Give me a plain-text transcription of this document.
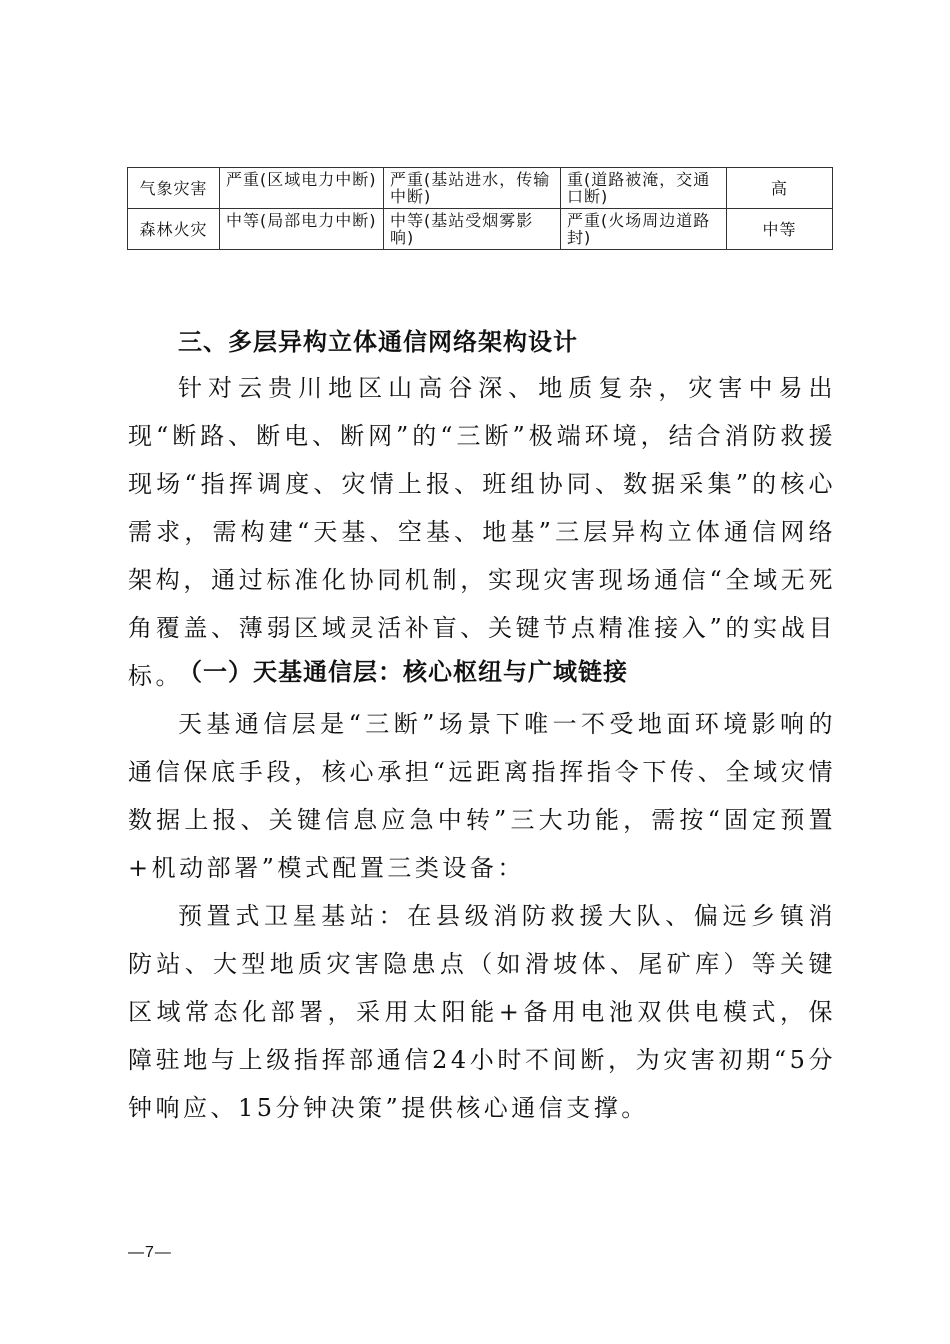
气象灾害	严重(区域电力中断)	严重(基站进水，传输中断)	重(道路被淹，交通口断)	高
森林火灾	中等(局部电力中断)	中等(基站受烟雾影响)	严重(火场周边道路封)	中等
三、多层异构立体通信网络架构设计

针对云贵川地区山高谷深、地质复杂，灾害中易出现“断路、断电、断网”的“三断”极端环境，结合消防救援现场“指挥调度、灾情上报、班组协同、数据采集”的核心需求，需构建“天基、空基、地基”三层异构立体通信网络架构，通过标准化协同机制，实现灾害现场通信“全域无死角覆盖、薄弱区域灵活补盲、关键节点精准接入”的实战目标。

（一）天基通信层：核心枢纽与广域链接

天基通信层是“三断”场景下唯一不受地面环境影响的通信保底手段，核心承担“远距离指挥指令下传、全域灾情数据上报、关键信息应急中转”三大功能，需按“固定预置+机动部署”模式配置三类设备：

预置式卫星基站：在县级消防救援大队、偏远乡镇消防站、大型地质灾害隐患点（如滑坡体、尾矿库）等关键区域常态化部署，采用太阳能+备用电池双供电模式，保障驻地与上级指挥部通信24小时不间断，为灾害初期“5分钟响应、15分钟决策”提供核心通信支撑。

—7—
